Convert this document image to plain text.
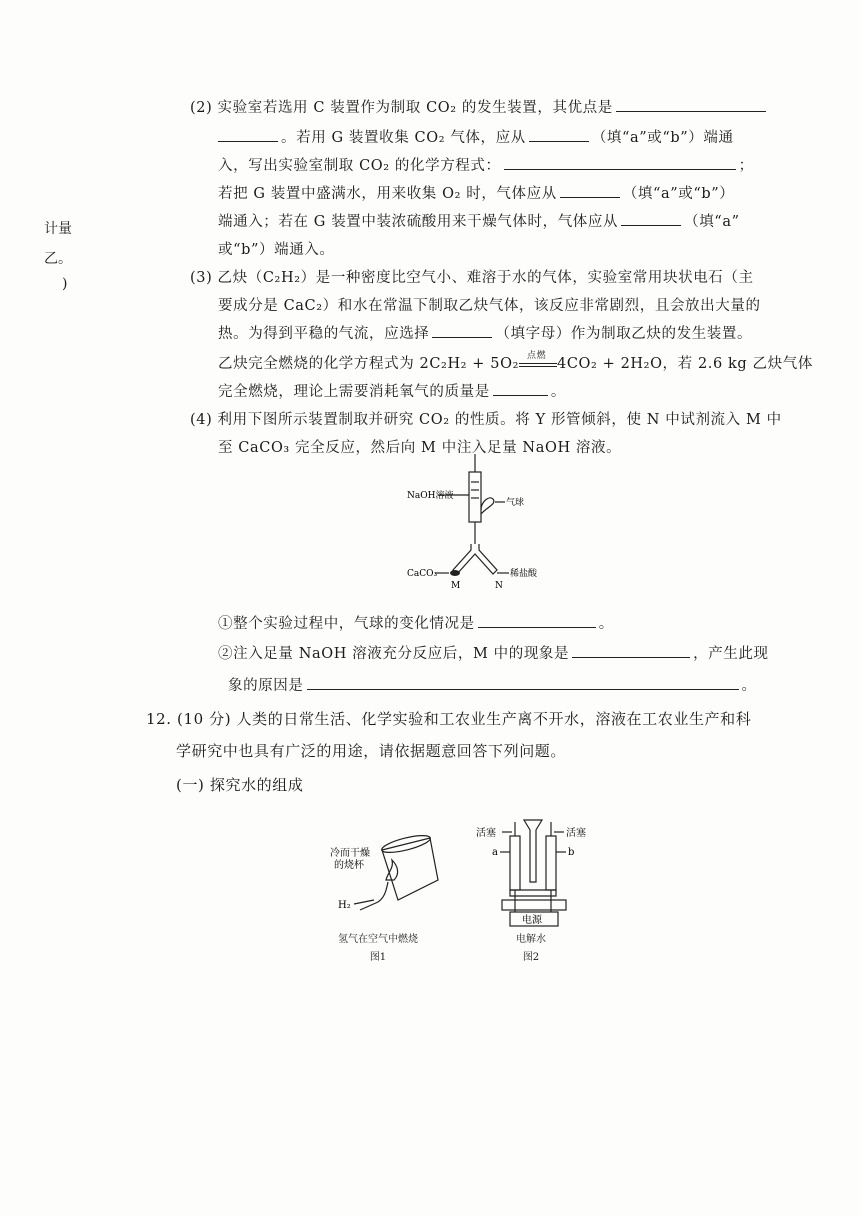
计量
乙。
)
(2) 实验室若选用 C 装置作为制取 CO₂ 的发生装置，其优点是
。若用 G 装置收集 CO₂ 气体，应从	（填“a”或“b”）端通
入，写出实验室制取 CO₂ 的化学方程式：	；
若把 G 装置中盛满水，用来收集 O₂ 时，气体应从	（填“a”或“b”）
端通入；若在 G 装置中装浓硫酸用来干燥气体时，气体应从	（填“a”
或“b”）端通入。
(3) 乙炔（C₂H₂）是一种密度比空气小、难溶于水的气体，实验室常用块状电石（主
要成分是 CaC₂）和水在常温下制取乙炔气体，该反应非常剧烈，且会放出大量的
热。为得到平稳的气流，应选择	（填字母）作为制取乙炔的发生装置。
乙炔完全燃烧的化学方程式为 2C₂H₂ + 5O₂ 点燃 4CO₂ + 2H₂O，若 2.6 kg 乙炔气体
完全燃烧，理论上需要消耗氧气的质量是	。
(4) 利用下图所示装置制取并研究 CO₂ 的性质。将 Y 形管倾斜，使 N 中试剂流入 M 中
至 CaCO₃ 完全反应，然后向 M 中注入足量 NaOH 溶液。
NaOH溶液
气球
CaCO₃	稀盐酸
M	N
①整个实验过程中，气球的变化情况是	。
②注入足量 NaOH 溶液充分反应后，M 中的现象是	，产生此现
象的原因是	。
12. (10 分) 人类的日常生活、化学实验和工农业生产离不开水，溶液在工农业生产和科
学研究中也具有广泛的用途，请依据题意回答下列问题。
(一) 探究水的组成
冷而干燥
的烧杯
H₂
氢气在空气中燃烧
图1
活塞	活塞
a	b
电源
电解水
图2
